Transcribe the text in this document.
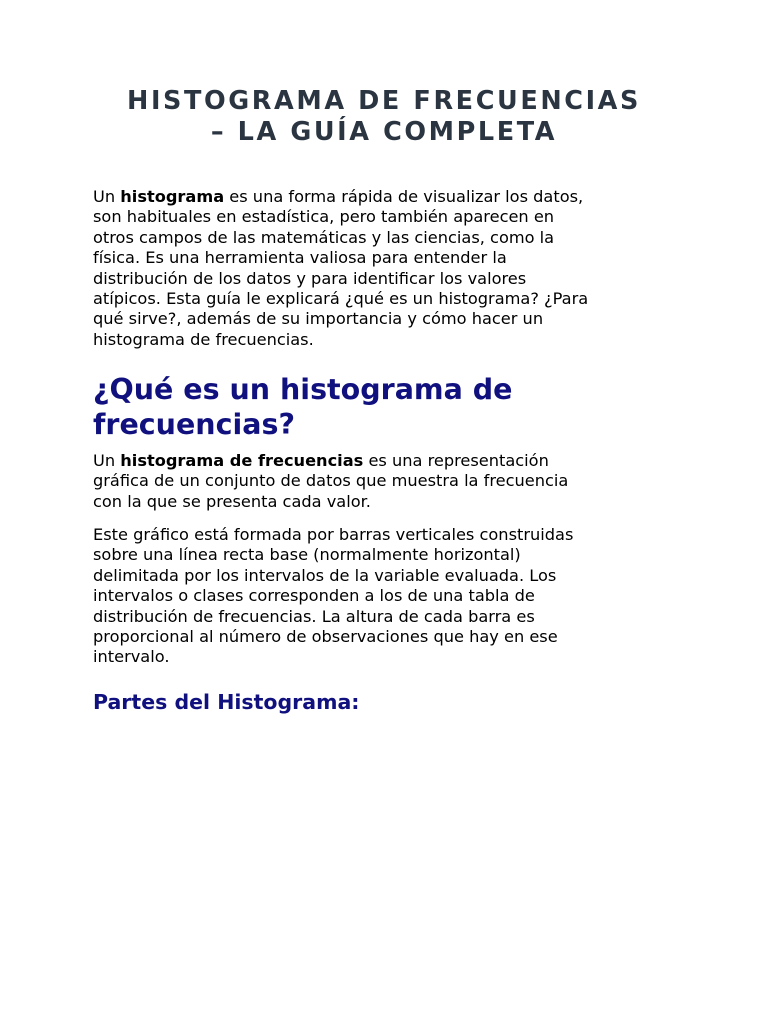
HISTOGRAMA DE FRECUENCIAS
– LA GUÍA COMPLETA

Un histograma es una forma rápida de visualizar los datos,
son habituales en estadística, pero también aparecen en
otros campos de las matemáticas y las ciencias, como la
física. Es una herramienta valiosa para entender la
distribución de los datos y para identificar los valores
atípicos. Esta guía le explicará ¿qué es un histograma? ¿Para
qué sirve?, además de su importancia y cómo hacer un
histograma de frecuencias.

¿Qué es un histograma de
frecuencias?

Un histograma de frecuencias es una representación
gráfica de un conjunto de datos que muestra la frecuencia
con la que se presenta cada valor.

Este gráfico está formada por barras verticales construidas
sobre una línea recta base (normalmente horizontal)
delimitada por los intervalos de la variable evaluada. Los
intervalos o clases corresponden a los de una tabla de
distribución de frecuencias. La altura de cada barra es
proporcional al número de observaciones que hay en ese
intervalo.

Partes del Histograma:
